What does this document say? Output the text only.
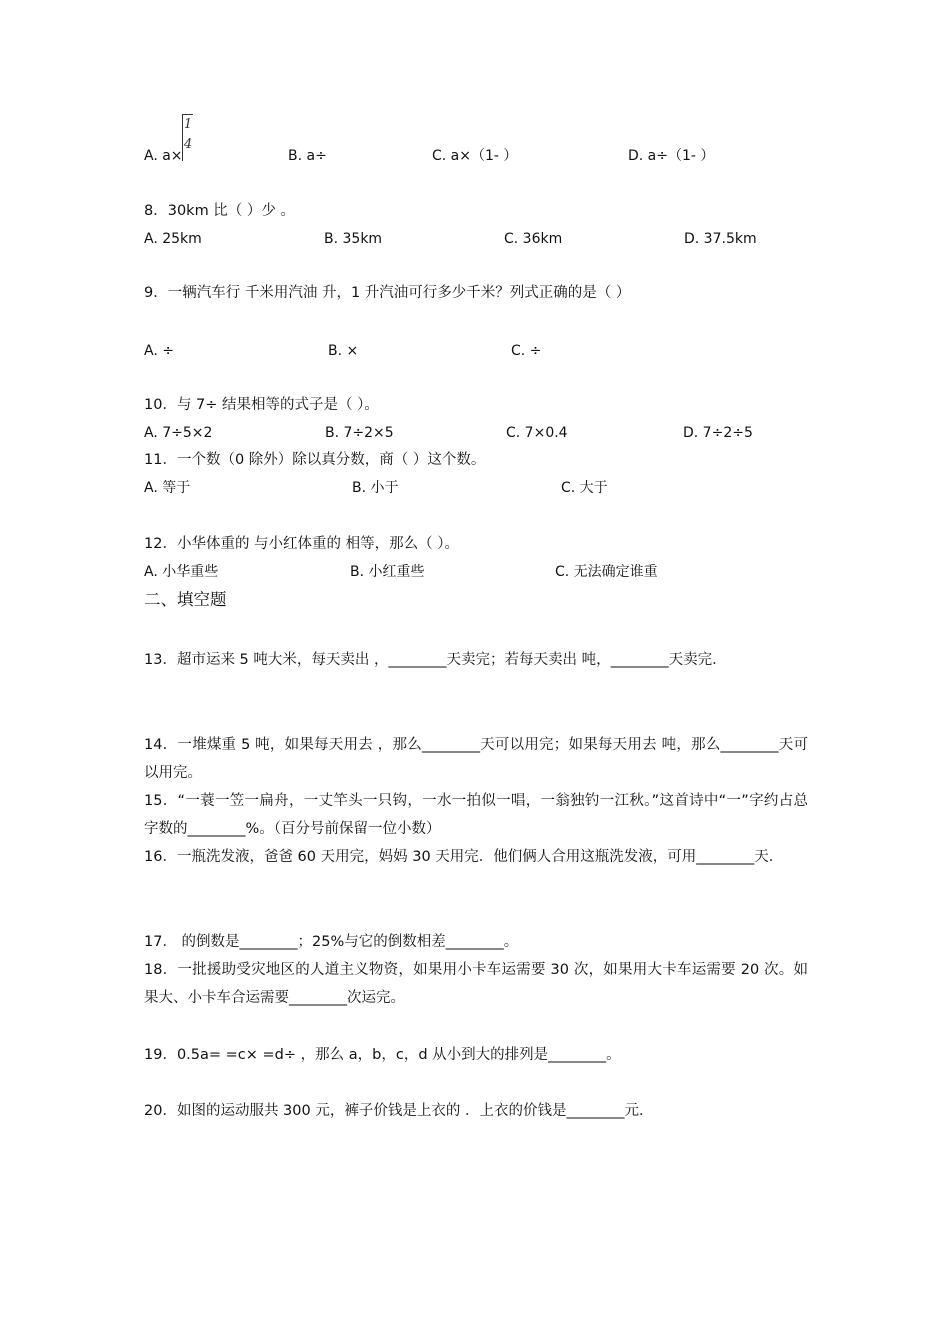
1
4
A. a×	B. a÷	C. a×（1- ）	D. a÷（1- ）
8．30km 比（ ）少 。
A. 25km	B. 35km	C. 36km	D. 37.5km
9．一辆汽车行 千米用汽油 升，1 升汽油可行多少千米？列式正确的是（ ）
A. ÷	B. ×	C. ÷
10．与 7÷ 结果相等的式子是（ ）。
A. 7÷5×2	B. 7÷2×5	C. 7×0.4	D. 7÷2÷5
11．一个数（0 除外）除以真分数，商（ ）这个数。
A. 等于	B. 小于	C. 大于
12．小华体重的 与小红体重的 相等，那么（ ）。
A. 小华重些	B. 小红重些	C. 无法确定谁重
二、填空题
13．超市运来 5 吨大米，每天卖出 ，________天卖完；若每天卖出 吨，________天卖完．
14．一堆煤重 5 吨，如果每天用去 ，那么________天可以用完；如果每天用去 吨，那么________天可以用完。
15．“一蓑一笠一扁舟，一丈竿头一只钩，一水一拍似一唱，一翁独钓一江秋。”这首诗中“一”字约占总字数的________%。（百分号前保留一位小数）
16．一瓶洗发液，爸爸 60 天用完，妈妈 30 天用完．他们俩人合用这瓶洗发液，可用________天．
17． 的倒数是________；25%与它的倒数相差________。
18．一批援助受灾地区的人道主义物资，如果用小卡车运需要 30 次，如果用大卡车运需要 20 次。如果大、小卡车合运需要________次运完。
19．0.5a= =c× =d÷ ，那么 a，b，c，d 从小到大的排列是________。
20．如图的运动服共 300 元，裤子价钱是上衣的 ．上衣的价钱是________元．
